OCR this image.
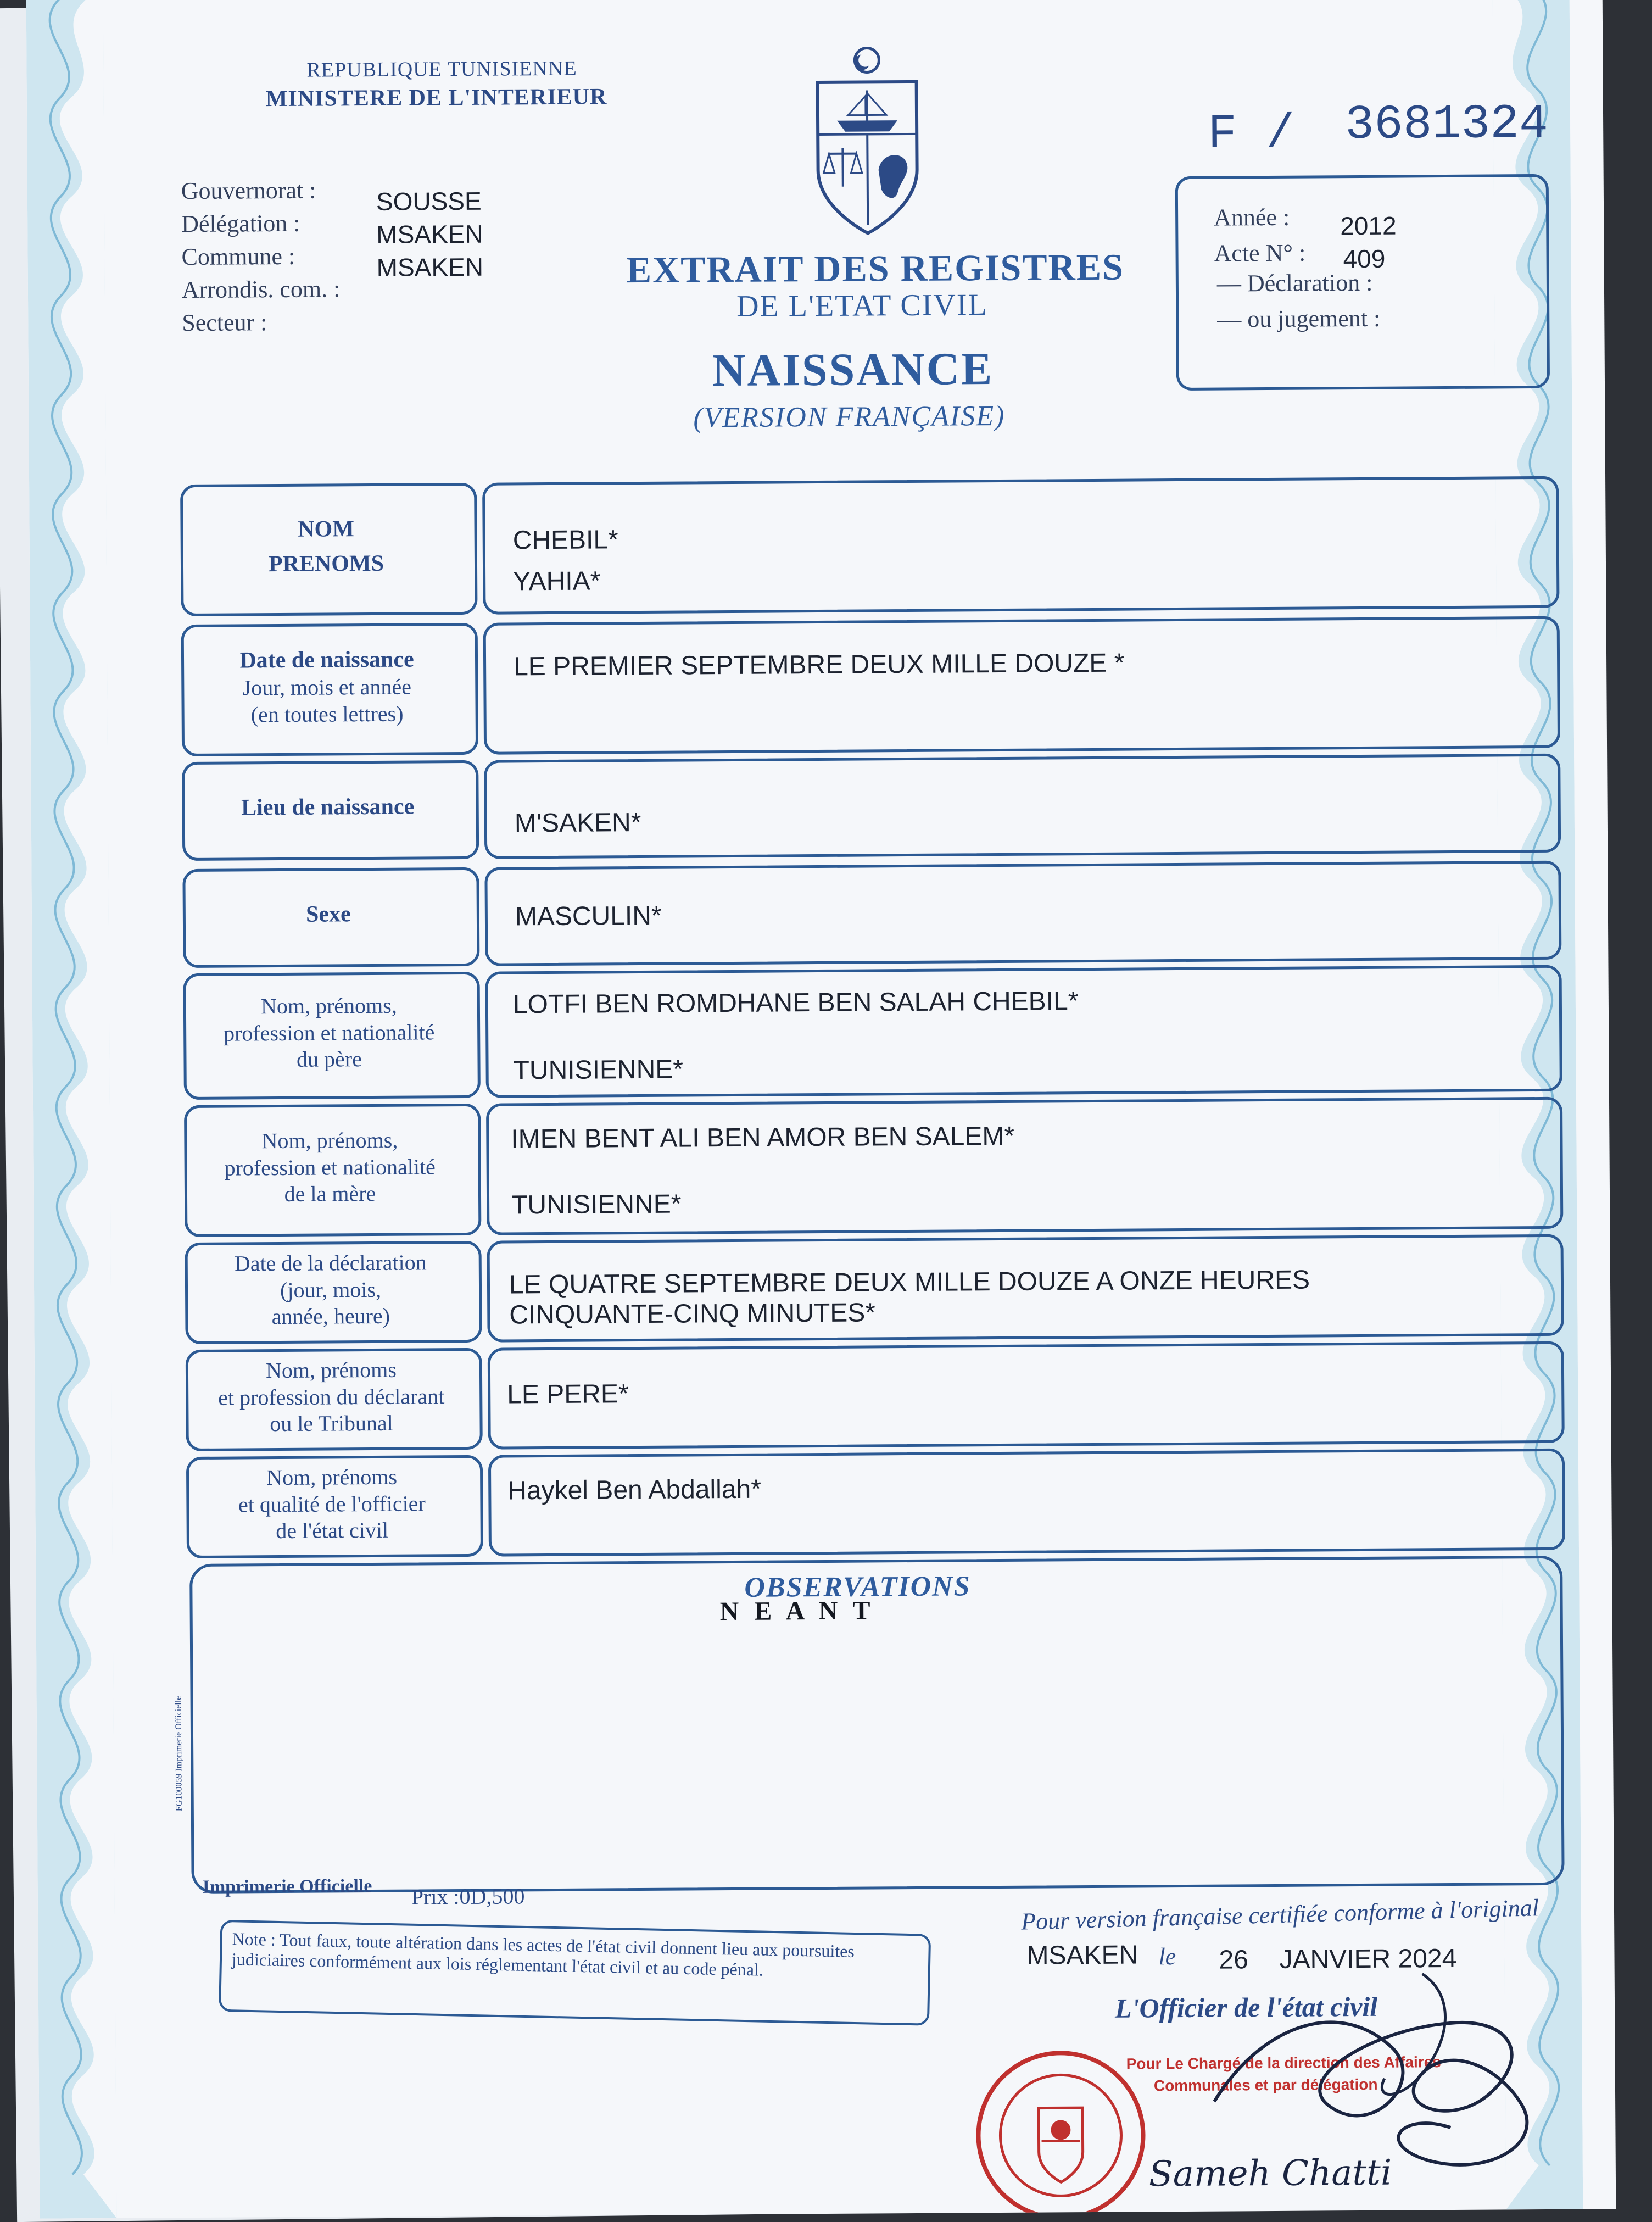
REPUBLIQUE TUNISIENNE
MINISTERE DE L'INTERIEUR
F / 3681324
Gouvernorat :
Délégation :
Commune :
Arrondis. com. :
Secteur :
SOUSSE
MSAKEN
MSAKEN	EXTRAIT DES REGISTRES
DE L'ETAT CIVIL
NAISSANCE
(VERSION FRANÇAISE)
Année : 2012
Acte N° : 409
— Déclaration :
— ou jugement :
NOM
PRENOMS
CHEBIL*
YAHIA*
Date de naissance
Jour, mois et année
(en toutes lettres)
LE PREMIER SEPTEMBRE DEUX MILLE DOUZE *
Lieu de naissance
M'SAKEN*
Sexe	MASCULIN*
Nom, prénoms,
profession et nationalité
du père
LOTFI BEN ROMDHANE BEN SALAH CHEBIL*
TUNISIENNE*
Nom, prénoms,
profession et nationalité
de la mère
IMEN BENT ALI BEN AMOR BEN SALEM*
TUNISIENNE*
Date de la déclaration
(jour, mois,
année, heure)
LE QUATRE SEPTEMBRE DEUX MILLE DOUZE A ONZE HEURES
CINQUANTE-CINQ MINUTES*
Nom, prénoms
et profession du déclarant
ou le Tribunal
LE PERE*
Nom, prénoms
et qualité de l'officier
de l'état civil
Haykel Ben Abdallah*
OBSERVATIONS
N E A N T
FG100059 Imprimerie Officielle
Imprimerie Officielle Prix :0D,500
Note : Tout faux, toute altération dans les actes de l'état civil donnent lieu aux poursuites judiciaires conformément aux lois réglementant l'état civil et au code pénal.
Pour version française certifiée conforme à l'original
MSAKEN le 26 JANVIER 2024
L'Officier de l'état civil
Pour Le Chargé de la direction des Affaires
Communales et par délégation
Sameh Chatti
